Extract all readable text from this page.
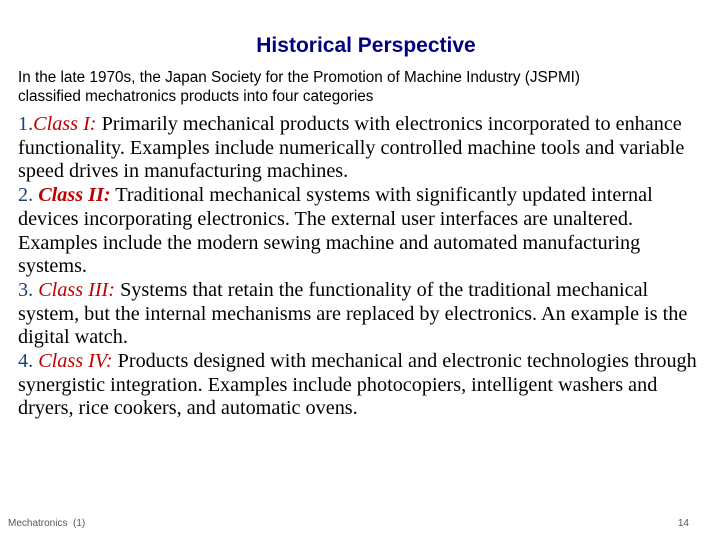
Historical Perspective
In the late 1970s, the Japan Society for the Promotion of Machine Industry (JSPMI)
classified mechatronics products into four categories

1.Class I: Primarily mechanical products with electronics incorporated to enhance functionality. Examples include numerically controlled machine tools and variable speed drives in manufacturing machines.

2. Class II: Traditional mechanical systems with significantly updated internal devices incorporating electronics. The external user interfaces are unaltered. Examples include the modern sewing machine and automated manufacturing systems.

3. Class III: Systems that retain the functionality of the traditional mechanical system, but the internal mechanisms are replaced by electronics. An example is the digital watch.

4. Class IV: Products designed with mechanical and electronic technologies through synergistic integration. Examples include photocopiers, intelligent washers and dryers, rice cookers, and automatic ovens.

Mechatronics  (1)	14
